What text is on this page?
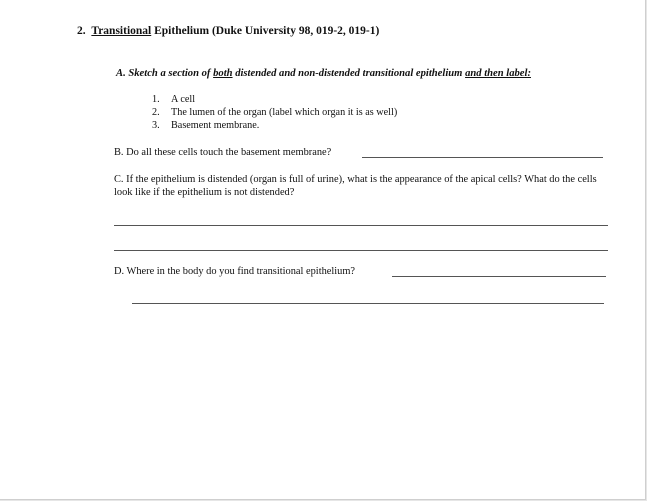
2. Transitional Epithelium (Duke University 98, 019-2, 019-1)
A. Sketch a section of both distended and non-distended transitional epithelium and then label:
1.	A cell
2.	The lumen of the organ (label which organ it is as well)
3.	Basement membrane.
B. Do all these cells touch the basement membrane?
C. If the epithelium is distended (organ is full of urine), what is the appearance of the apical cells? What do the cells look like if the epithelium is not distended?
D. Where in the body do you find transitional epithelium?
